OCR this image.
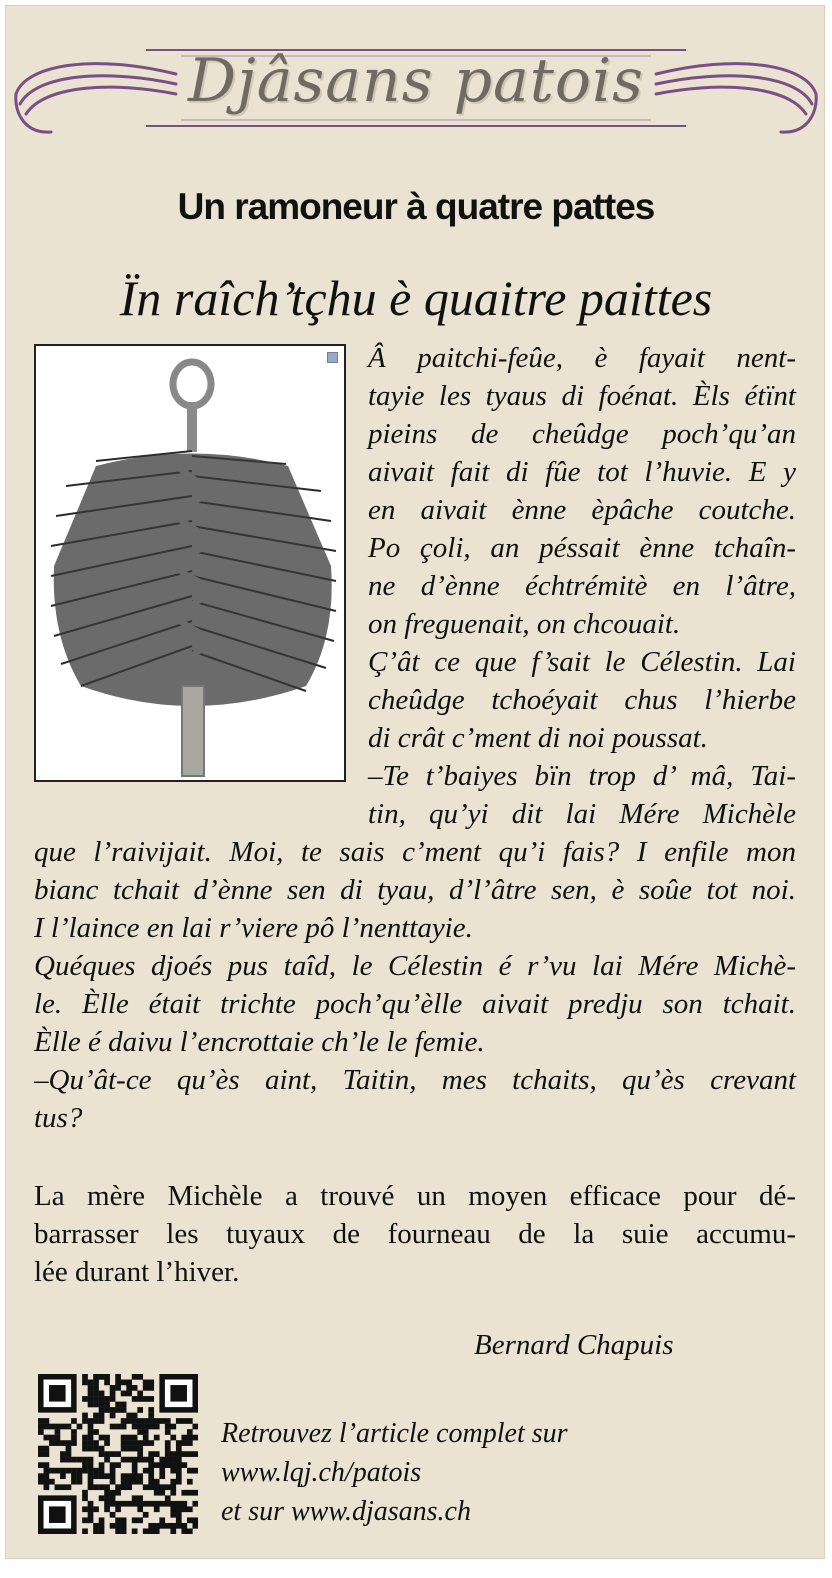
Djâsans patois
Un ramoneur à quatre pattes
Ïn raîch’tçhu è quaitre paittes
Â paitchi-feûe, è fayait nent-
tayie les tyaus di foénat. Èls étïnt
pieins de cheûdge poch’qu’an
aivait fait di fûe tot l’huvie. E y
en aivait ènne èpâche coutche.
Po çoli, an péssait ènne tchaîn-
ne d’ènne échtrémitè en l’âtre,
on freguenait, on chcouait.
Ç’ât ce que f’sait le Célestin. Lai
cheûdge tchoéyait chus l’hierbe
di crât c’ment di noi poussat.
–Te t’baiyes bïn trop d’ mâ, Tai-
tin, qu’yi dit lai Mére Michèle
que l’raivijait. Moi, te sais c’ment qu’i fais? I enfile mon
bianc tchait d’ènne sen di tyau, d’l’âtre sen, è soûe tot noi.
I l’laince en lai r’viere pô l’nenttayie.
Quéques djoés pus taîd, le Célestin é r’vu lai Mére Michè-
le. Èlle était trichte poch’qu’èlle aivait predju son tchait.
Èlle é daivu l’encrottaie ch’le le femie.
–Qu’ât-ce qu’ès aint, Taitin, mes tchaits, qu’ès crevant
tus?
La mère Michèle a trouvé un moyen efficace pour dé-
barrasser les tuyaux de fourneau de la suie accumu-
lée durant l’hiver.
Bernard Chapuis
Retrouvez l’article complet sur
www.lqj.ch/patois
et sur www.djasans.ch
